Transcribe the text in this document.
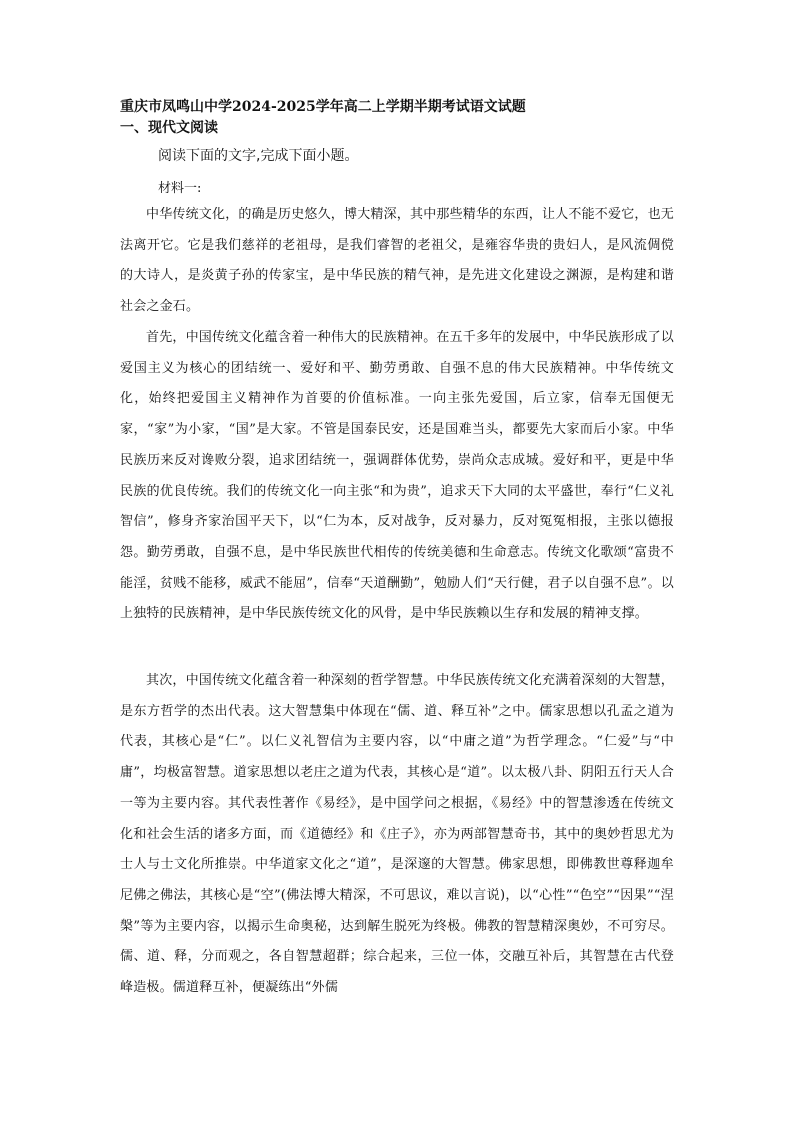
重庆市凤鸣山中学2024-2025学年高二上学期半期考试语文试题
一、现代文阅读
阅读下面的文字,完成下面小题。
材料一:

中华传统文化，的确是历史悠久，博大精深，其中那些精华的东西，让人不能不爱它，也无法离开它。它是我们慈祥的老祖母，是我们睿智的老祖父，是雍容华贵的贵妇人，是风流倜傥的大诗人，是炎黄子孙的传家宝，是中华民族的精气神，是先进文化建设之渊源，是构建和谐社会之金石。

首先，中国传统文化蕴含着一种伟大的民族精神。在五千多年的发展中，中华民族形成了以爱国主义为核心的团结统一、爱好和平、勤劳勇敢、自强不息的伟大民族精神。中华传统文化，始终把爱国主义精神作为首要的价值标准。一向主张先爱国，后立家，信奉无国便无家，“家”为小家，“国”是大家。不管是国泰民安，还是国难当头，都要先大家而后小家。中华民族历来反对谗败分裂，追求团结统一，强调群体优势，崇尚众志成城。爱好和平，更是中华民族的优良传统。我们的传统文化一向主张“和为贵”，追求天下大同的太平盛世，奉行“仁义礼智信”，修身齐家治国平天下，以“仁为本，反对战争，反对暴力，反对冤冤相报，主张以德报怨。勤劳勇敢，自强不息，是中华民族世代相传的传统美德和生命意志。传统文化歌颂“富贵不能淫，贫贱不能移，威武不能屈”，信奉“天道酬勤”，勉励人们“天行健，君子以自强不息”。以上独特的民族精神，是中华民族传统文化的风骨，是中华民族赖以生存和发展的精神支撑。

其次，中国传统文化蕴含着一种深刻的哲学智慧。中华民族传统文化充满着深刻的大智慧，是东方哲学的杰出代表。这大智慧集中体现在“儒、道、释互补”之中。儒家思想以孔孟之道为代表，其核心是“仁”。以仁义礼智信为主要内容，以“中庸之道”为哲学理念。“仁爱”与“中庸”，均极富智慧。道家思想以老庄之道为代表，其核心是“道”。以太极八卦、阴阳五行天人合一等为主要内容。其代表性著作《易经》，是中国学问之根据，《易经》中的智慧渗透在传统文化和社会生活的诸多方面，而《道德经》和《庄子》，亦为两部智慧奇书，其中的奥妙哲思尤为士人与士文化所推崇。中华道家文化之“道”，是深邃的大智慧。佛家思想，即佛教世尊释迦牟尼佛之佛法，其核心是“空”(佛法博大精深，不可思议，难以言说)，以“心性”“色空”“因果”“涅槃”等为主要内容，以揭示生命奥秘，达到解生脱死为终极。佛教的智慧精深奥妙，不可穷尽。儒、道、释，分而观之，各自智慧超群；综合起来，三位一体，交融互补后，其智慧在古代登峰造极。儒道释互补，便凝练出“外儒
